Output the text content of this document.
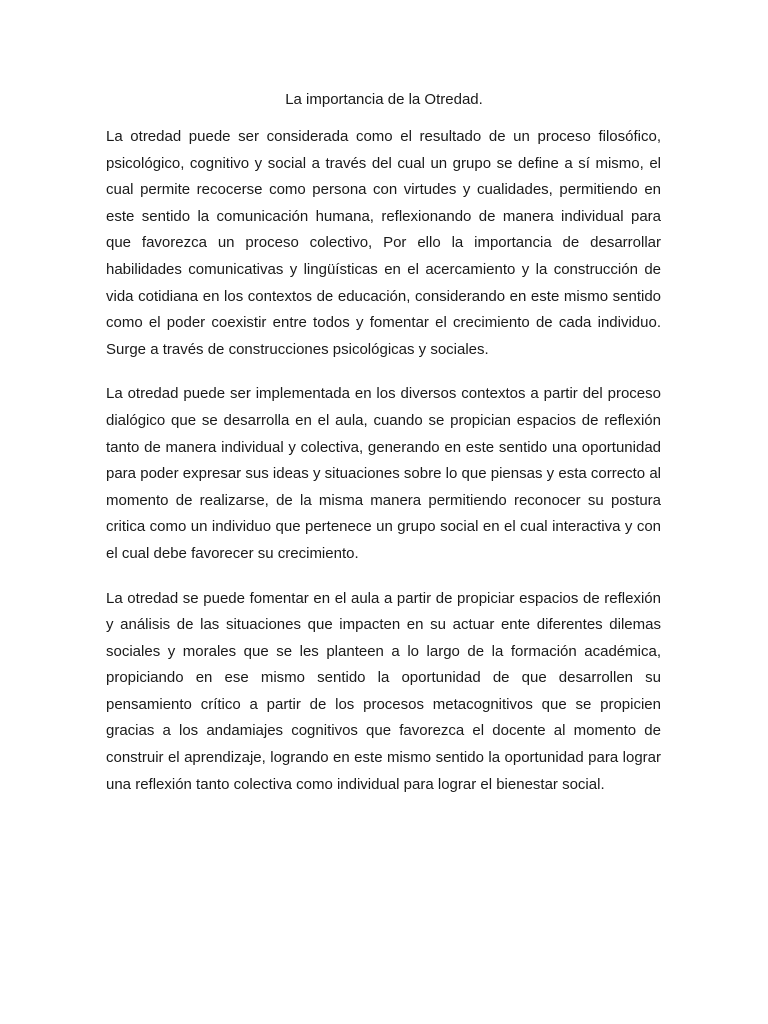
La importancia de la Otredad.

La otredad puede ser considerada como el resultado de un proceso filosófico, psicológico, cognitivo y social a través del cual un grupo se define a sí mismo, el cual permite recocerse como persona con virtudes y cualidades, permitiendo en este sentido la comunicación humana, reflexionando de manera individual para que favorezca un proceso colectivo, Por ello la importancia de desarrollar habilidades comunicativas y lingüísticas en el acercamiento y la construcción de vida cotidiana en los contextos de educación, considerando en este mismo sentido como el poder coexistir entre todos y fomentar el crecimiento de cada individuo. Surge a través de construcciones psicológicas y sociales.

La otredad puede ser implementada en los diversos contextos a partir del proceso dialógico que se desarrolla en el aula, cuando se propician espacios de reflexión tanto de manera individual y colectiva, generando en este sentido una oportunidad para poder expresar sus ideas y situaciones sobre lo que piensas y esta correcto al momento de realizarse, de la misma manera permitiendo reconocer su postura critica como un individuo que pertenece un grupo social en el cual interactiva y con el cual debe favorecer su crecimiento.

La otredad se puede fomentar en el aula a partir de propiciar espacios de reflexión y análisis de las situaciones que impacten en su actuar ente diferentes dilemas sociales y morales que se les planteen a lo largo de la formación académica, propiciando en ese mismo sentido la oportunidad de que desarrollen su pensamiento crítico a partir de los procesos metacognitivos que se propicien gracias a los andamiajes cognitivos que favorezca el docente al momento de construir el aprendizaje, logrando en este mismo sentido la oportunidad para lograr una reflexión tanto colectiva como individual para lograr el bienestar social.
